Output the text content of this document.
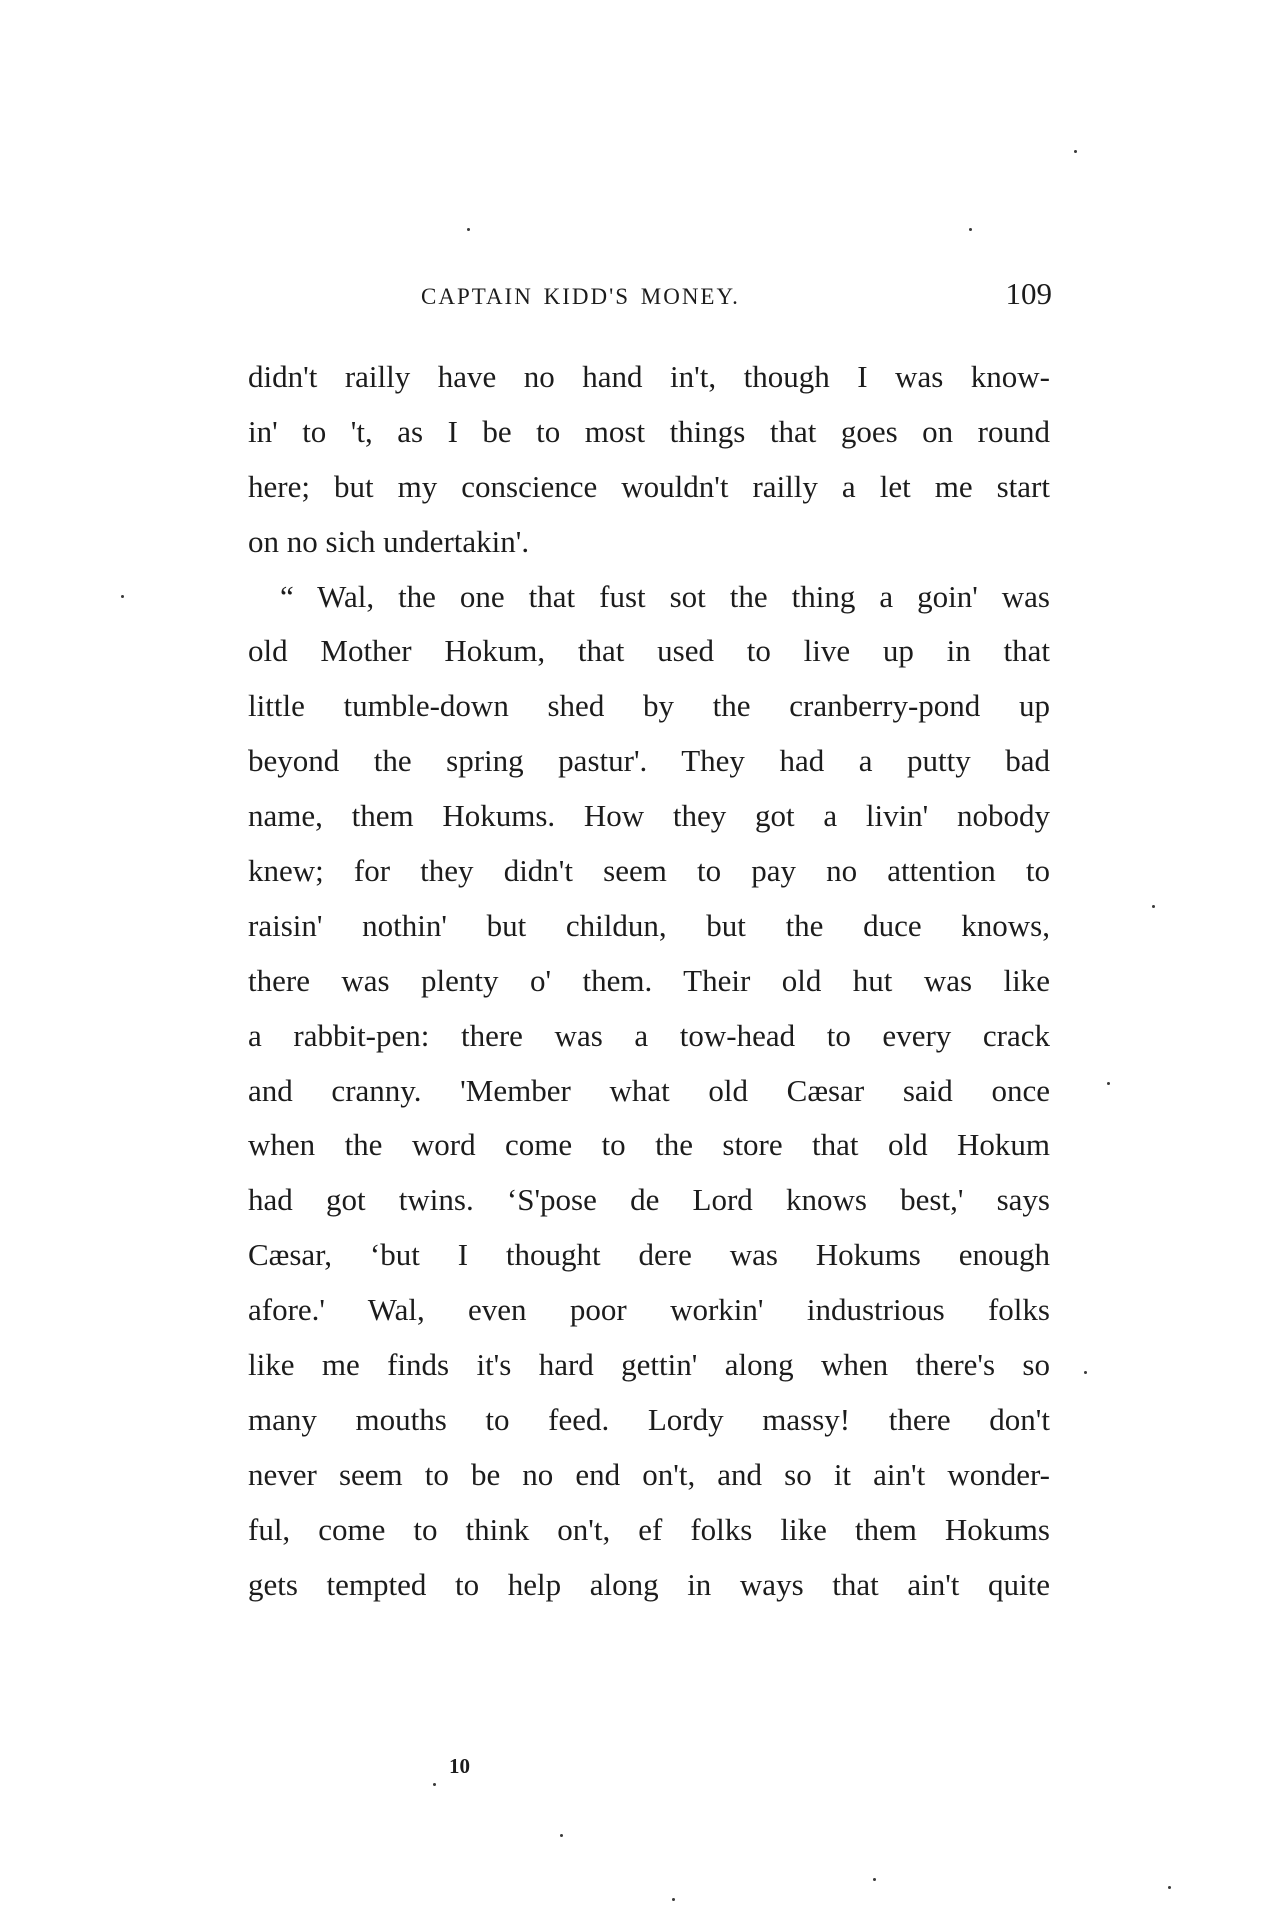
CAPTAIN KIDD'S MONEY.	109
didn't railly have no hand in't, though I was know-
in' to 't, as I be to most things that goes on round
here; but my conscience wouldn't railly a let me start
on no sich undertakin'.
“ Wal, the one that fust sot the thing a goin' was
old Mother Hokum, that used to live up in that
little tumble-down shed by the cranberry-pond up
beyond the spring pastur'. They had a putty bad
name, them Hokums. How they got a livin' nobody
knew; for they didn't seem to pay no attention to
raisin' nothin' but childun, but the duce knows,
there was plenty o' them. Their old hut was like
a rabbit-pen: there was a tow-head to every crack
and cranny. 'Member what old Cæsar said once
when the word come to the store that old Hokum
had got twins. ‘S'pose de Lord knows best,' says
Cæsar, ‘but I thought dere was Hokums enough
afore.' Wal, even poor workin' industrious folks
like me finds it's hard gettin' along when there's so
many mouths to feed. Lordy massy! there don't
never seem to be no end on't, and so it ain't wonder-
ful, come to think on't, ef folks like them Hokums
gets tempted to help along in ways that ain't quite
10
